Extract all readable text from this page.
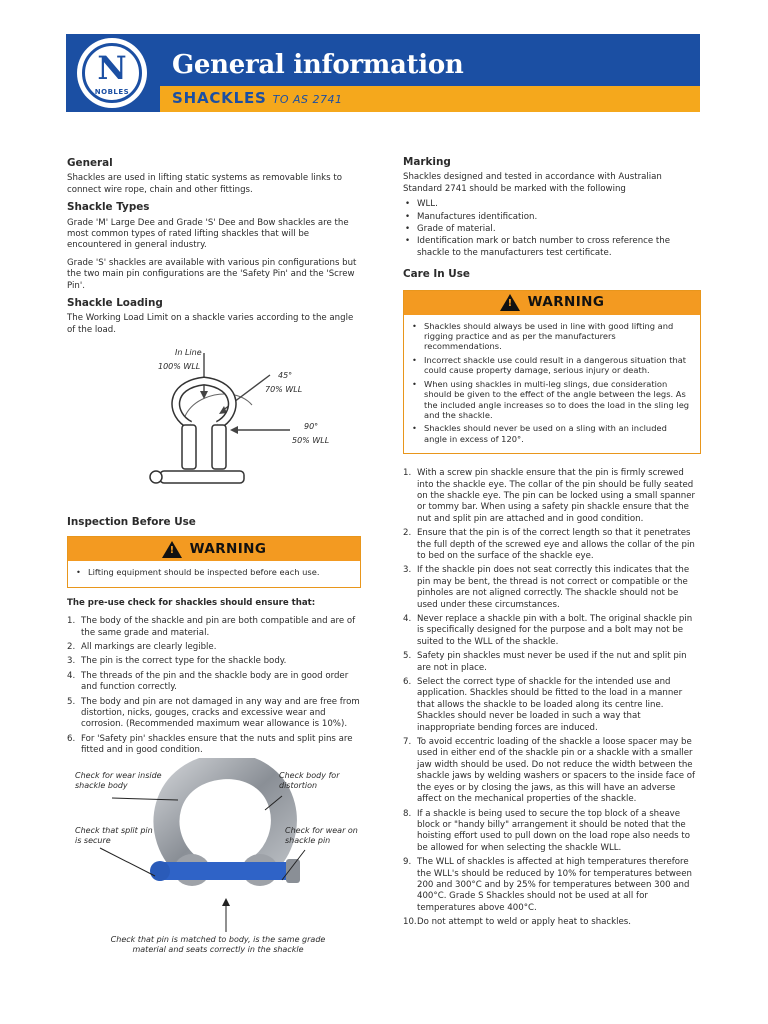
N
NOBLES
General information
SHACKLES TO AS 2741
General
Shackles are used in lifting static systems as removable links to connect wire rope, chain and other fittings.
Shackle Types
Grade 'M' Large Dee and Grade 'S' Dee and Bow shackles are the most common types of rated lifting shackles that will be encountered in general industry.
Grade 'S' shackles are available with various pin configurations but the two main pin configurations are the 'Safety Pin' and the 'Screw Pin'.
Shackle Loading
The Working Load Limit on a shackle varies according to the angle of the load.
In Line
100% WLL
45°
70% WLL
90°
50% WLL
Inspection Before Use
! WARNING
• Lifting equipment should be inspected before each use.
The pre-use check for shackles should ensure that:
1. The body of the shackle and pin are both compatible and are of the same grade and material.
2. All markings are clearly legible.
3. The pin is the correct type for the shackle body.
4. The threads of the pin and the shackle body are in good order and function correctly.
5. The body and pin are not damaged in any way and are free from distortion, nicks, gouges, cracks and excessive wear and corrosion. (Recommended maximum wear allowance is 10%).
6. For 'Safety pin' shackles ensure that the nuts and split pins are fitted and in good condition.
Check for wear inside shackle body
Check body for distortion
Check that split pin is secure
Check for wear on shackle pin
Check that pin is matched to body, is the same grade material and seats correctly in the shackle
Marking
Shackles designed and tested in accordance with Australian Standard 2741 should be marked with the following
• WLL.
• Manufactures identification.
• Grade of material.
• Identification mark or batch number to cross reference the shackle to the manufacturers test certificate.
Care In Use
! WARNING
• Shackles should always be used in line with good lifting and rigging practice and as per the manufacturers recommendations.
• Incorrect shackle use could result in a dangerous situation that could cause property damage, serious injury or death.
• When using shackles in multi-leg slings, due consideration should be given to the effect of the angle between the legs. As the included angle increases so to does the load in the sling leg and the shackle.
• Shackles should never be used on a sling with an included angle in excess of 120°.
1. With a screw pin shackle ensure that the pin is firmly screwed into the shackle eye. The collar of the pin should be fully seated on the shackle eye. The pin can be locked using a small spanner or tommy bar. When using a safety pin shackle ensure that the nut and split pin are attached and in good condition.
2. Ensure that the pin is of the correct length so that it penetrates the full depth of the screwed eye and allows the collar of the pin to bed on the surface of the shackle eye.
3. If the shackle pin does not seat correctly this indicates that the pin may be bent, the thread is not correct or compatible or the pinholes are not aligned correctly. The shackle should not be used under these circumstances.
4. Never replace a shackle pin with a bolt. The original shackle pin is specifically designed for the purpose and a bolt may not be suited to the WLL of the shackle.
5. Safety pin shackles must never be used if the nut and split pin are not in place.
6. Select the correct type of shackle for the intended use and application. Shackles should be fitted to the load in a manner that allows the shackle to be loaded along its centre line. Shackles should never be loaded in such a way that inappropriate bending forces are induced.
7. To avoid eccentric loading of the shackle a loose spacer may be used in either end of the shackle pin or a shackle with a smaller jaw width should be used. Do not reduce the width between the shackle jaws by welding washers or spacers to the inside face of the eyes or by closing the jaws, as this will have an adverse affect on the mechanical properties of the shackle.
8. If a shackle is being used to secure the top block of a sheave block or "handy billy" arrangement it should be noted that the hoisting effort used to pull down on the load rope also needs to be allowed for when selecting the shackle WLL.
9. The WLL of shackles is affected at high temperatures therefore the WLL's should be reduced by 10% for temperatures between 200 and 300°C and by 25% for temperatures between 300 and 400°C. Grade S Shackles should not be used at all for temperatures above 400°C.
10. Do not attempt to weld or apply heat to shackles.
